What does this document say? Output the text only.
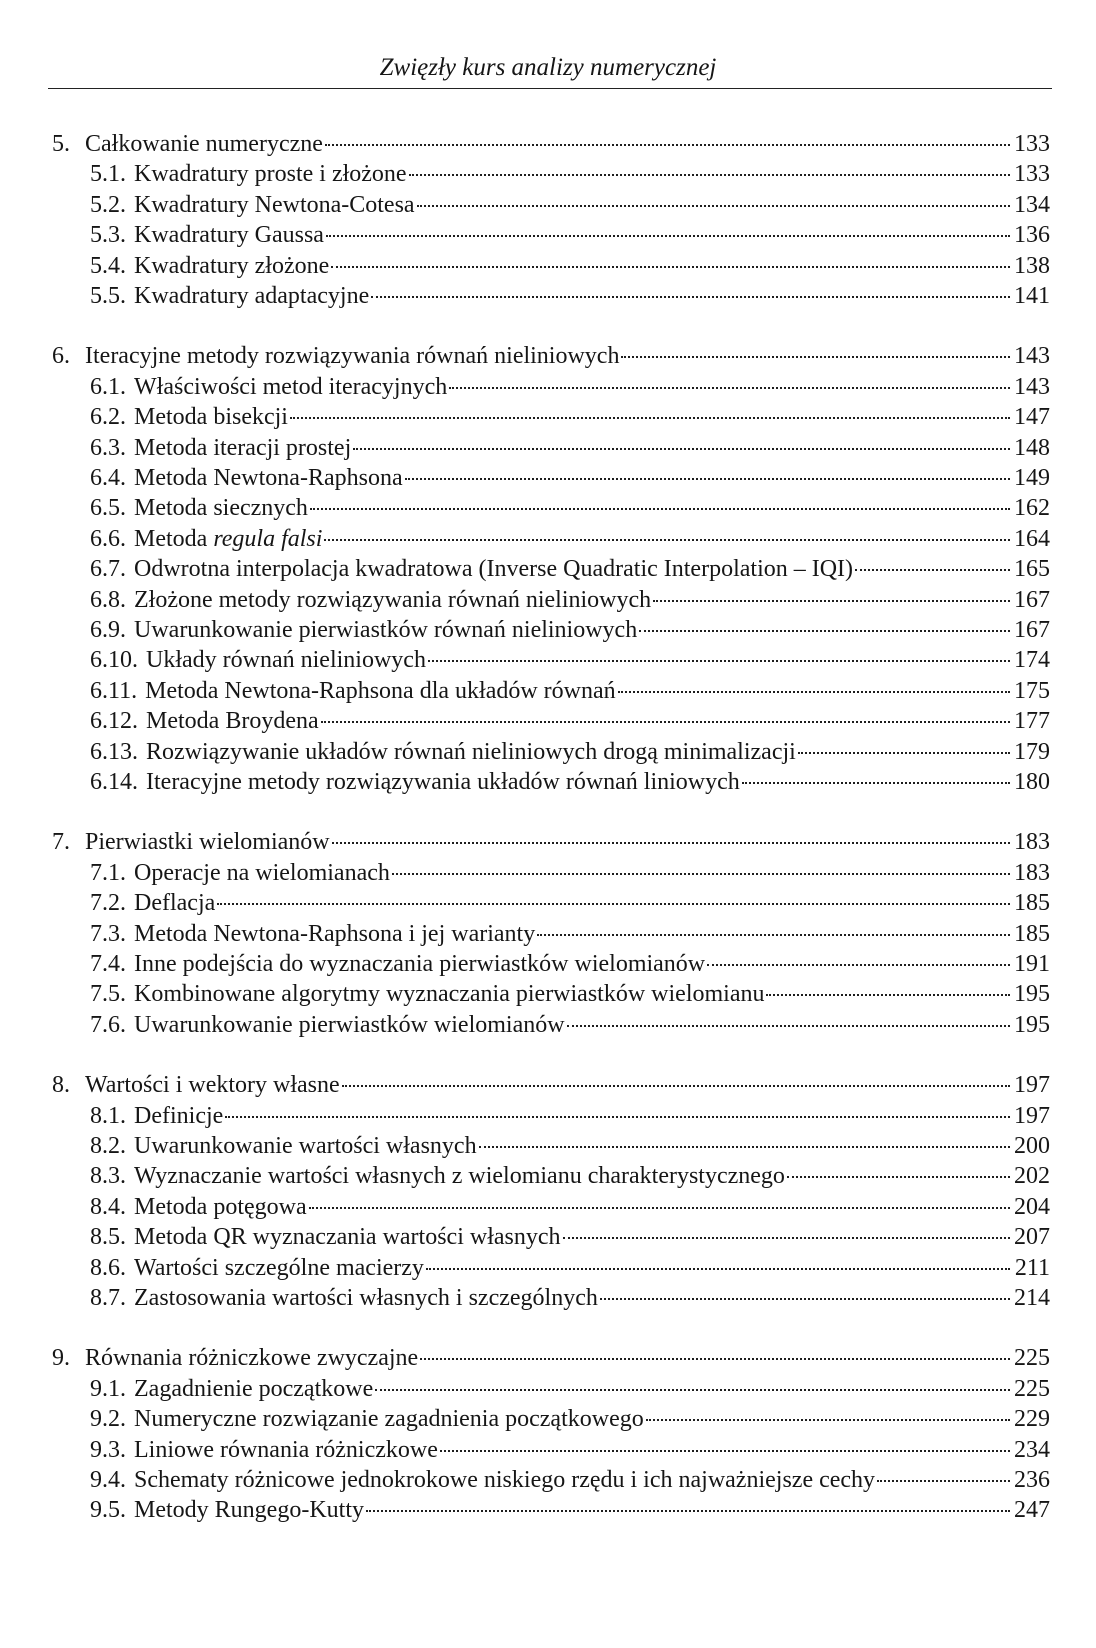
Zwięzły kurs analizy numerycznej
5. Całkowanie numeryczne	133
5.1. Kwadratury proste i złożone	133
5.2. Kwadratury Newtona-Cotesa	134
5.3. Kwadratury Gaussa	136
5.4. Kwadratury złożone	138
5.5. Kwadratury adaptacyjne	141
6. Iteracyjne metody rozwiązywania równań nieliniowych	143
6.1. Właściwości metod iteracyjnych	143
6.2. Metoda bisekcji	147
6.3. Metoda iteracji prostej	148
6.4. Metoda Newtona-Raphsona	149
6.5. Metoda siecznych	162
6.6. Metoda regula falsi	164
6.7. Odwrotna interpolacja kwadratowa (Inverse Quadratic Interpolation – IQI)	165
6.8. Złożone metody rozwiązywania równań nieliniowych	167
6.9. Uwarunkowanie pierwiastków równań nieliniowych	167
6.10. Układy równań nieliniowych	174
6.11. Metoda Newtona-Raphsona dla układów równań	175
6.12. Metoda Broydena	177
6.13. Rozwiązywanie układów równań nieliniowych drogą minimalizacji	179
6.14. Iteracyjne metody rozwiązywania układów równań liniowych	180
7. Pierwiastki wielomianów	183
7.1. Operacje na wielomianach	183
7.2. Deflacja	185
7.3. Metoda Newtona-Raphsona i jej warianty	185
7.4. Inne podejścia do wyznaczania pierwiastków wielomianów	191
7.5. Kombinowane algorytmy wyznaczania pierwiastków wielomianu	195
7.6. Uwarunkowanie pierwiastków wielomianów	195
8. Wartości i wektory własne	197
8.1. Definicje	197
8.2. Uwarunkowanie wartości własnych	200
8.3. Wyznaczanie wartości własnych z wielomianu charakterystycznego	202
8.4. Metoda potęgowa	204
8.5. Metoda QR wyznaczania wartości własnych	207
8.6. Wartości szczególne macierzy	211
8.7. Zastosowania wartości własnych i szczególnych	214
9. Równania różniczkowe zwyczajne	225
9.1. Zagadnienie początkowe	225
9.2. Numeryczne rozwiązanie zagadnienia początkowego	229
9.3. Liniowe równania różniczkowe	234
9.4. Schematy różnicowe jednokrokowe niskiego rzędu i ich najważniejsze cechy	236
9.5. Metody Rungego-Kutty	247
